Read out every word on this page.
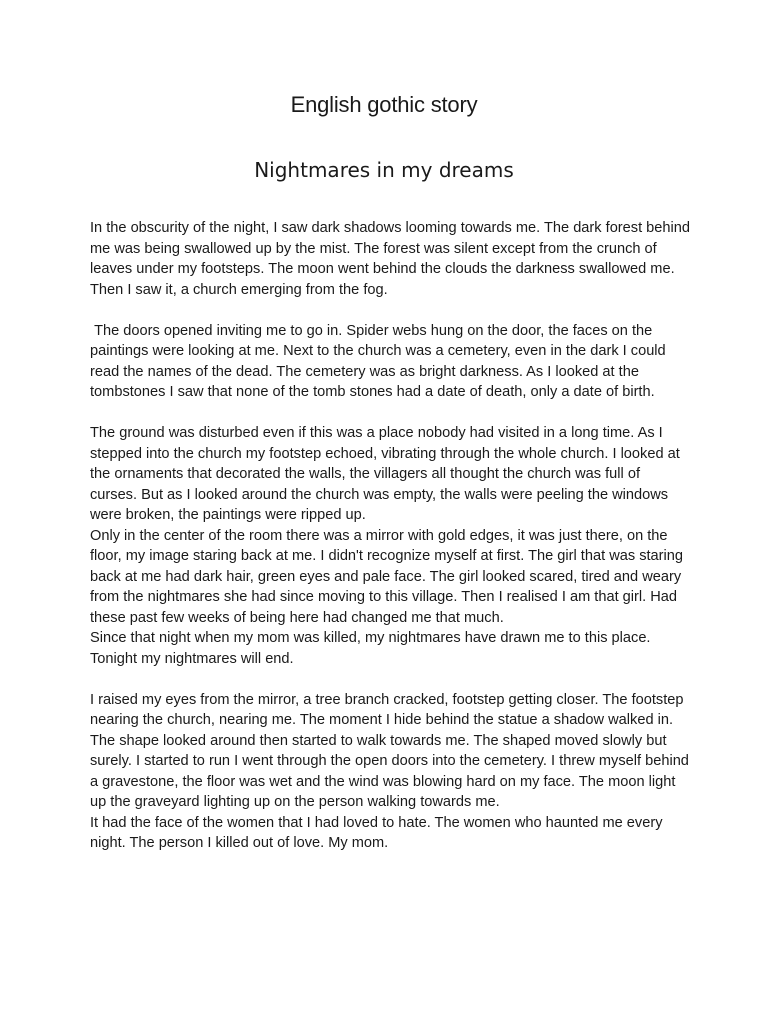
English gothic story
Nightmares in my dreams

In the obscurity of the night, I saw dark shadows looming towards me. The dark forest behind me was being swallowed up by the mist. The forest was silent except from the crunch of leaves under my footsteps. The moon went behind the clouds the darkness swallowed me. Then I saw it, a church emerging from the fog.

The doors opened inviting me to go in. Spider webs hung on the door, the faces on the paintings were looking at me. Next to the church was a cemetery, even in the dark I could read the names of the dead. The cemetery was as bright darkness. As I looked at the tombstones I saw that none of the tomb stones had a date of death, only a date of birth.

The ground was disturbed even if this was a place nobody had visited in a long time. As I stepped into the church my footstep echoed, vibrating through the whole church. I looked at the ornaments that decorated the walls, the villagers all thought the church was full of curses. But as I looked around the church was empty, the walls were peeling the windows were broken, the paintings were ripped up.

Only in the center of the room there was a mirror with gold edges, it was just there, on the floor, my image staring back at me. I didn't recognize myself at first. The girl that was staring back at me had dark hair, green eyes and pale face. The girl looked scared, tired and weary from the nightmares she had since moving to this village. Then I realised I am that girl. Had these past few weeks of being here had changed me that much.

Since that night when my mom was killed, my nightmares have drawn me to this place. Tonight my nightmares will end.

I raised my eyes from the mirror, a tree branch cracked, footstep getting closer. The footstep nearing the church, nearing me. The moment I hide behind the statue a shadow walked in.

The shape looked around then started to walk towards me. The shaped moved slowly but surely. I started to run I went through the open doors into the cemetery. I threw myself behind a gravestone, the floor was wet and the wind was blowing hard on my face. The moon light up the graveyard lighting up on the person walking towards me.

It had the face of the women that I had loved to hate. The women who haunted me every night. The person I killed out of love. My mom.
